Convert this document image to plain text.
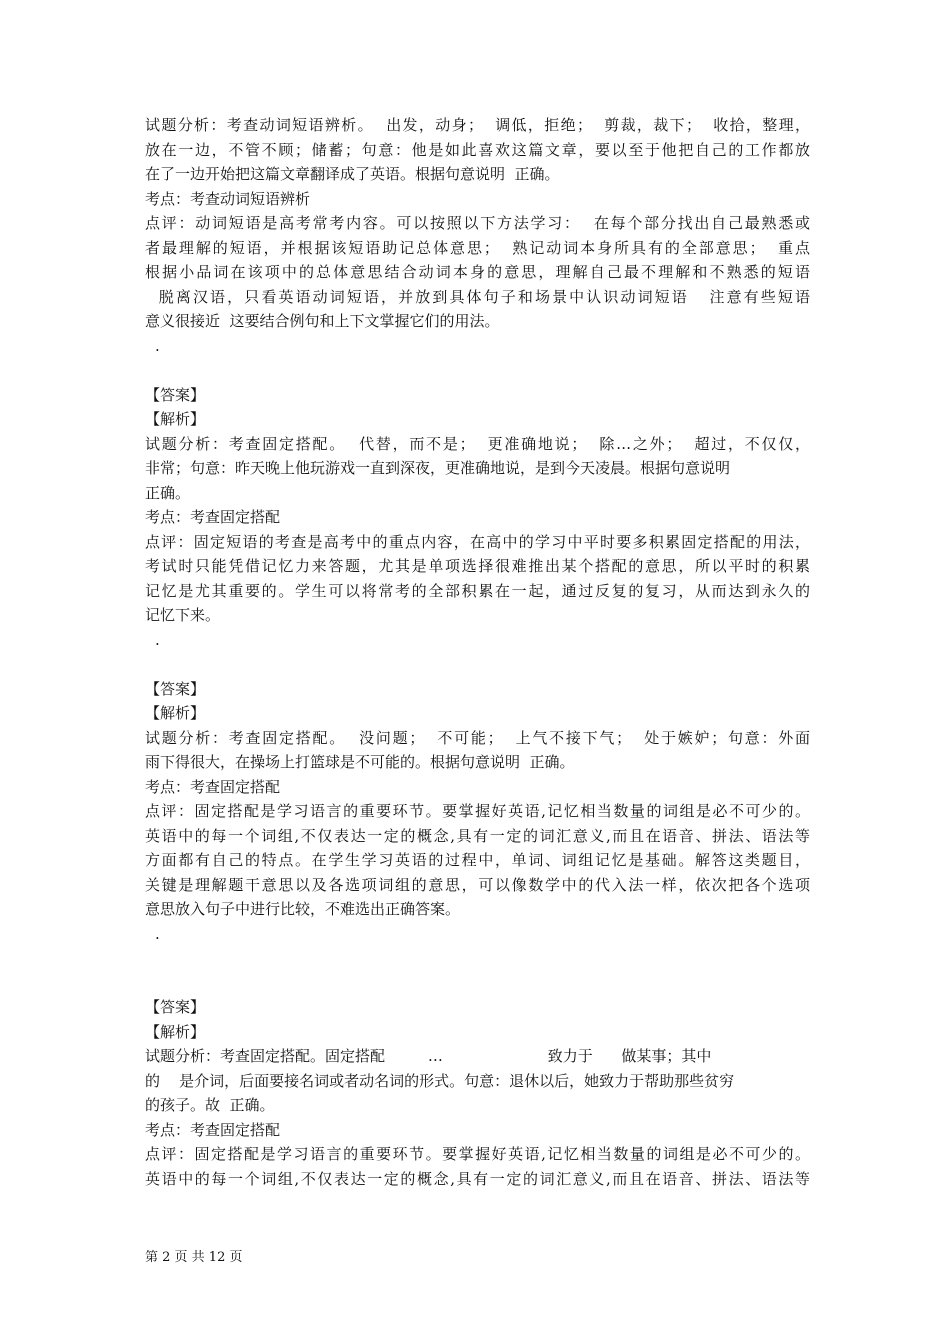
试题分析：考查动词短语辨析。  出发，动身；  调低，拒绝；  剪裁，裁下；  收拾，整理，
放在一边，不管不顾；储蓄；句意：他是如此喜欢这篇文章，要以至于他把自己的工作都放
在了一边开始把这篇文章翻译成了英语。根据句意说明  正确。
考点：考查动词短语辨析
点评：动词短语是高考常考内容。可以按照以下方法学习：  在每个部分找出自己最熟悉或
者最理解的短语，并根据该短语助记总体意思；  熟记动词本身所具有的全部意思；  重点
根据小品词在该项中的总体意思结合动词本身的意思，理解自己最不理解和不熟悉的短语
脱离汉语，只看英语动词短语，并放到具体句子和场景中认识动词短语   注意有些短语
意义很接近  这要结合例句和上下文掌握它们的用法。
.
【答案】
【解析】
试题分析：考查固定搭配。  代替，而不是；  更准确地说；  除…之外；  超过，不仅仅，
非常；句意：昨天晚上他玩游戏一直到深夜，更准确地说，是到今天凌晨。根据句意说明
正确。
考点：考查固定搭配
点评：固定短语的考查是高考中的重点内容，在高中的学习中平时要多积累固定搭配的用法，
考试时只能凭借记忆力来答题，尤其是单项选择很难推出某个搭配的意思，所以平时的积累
记忆是尤其重要的。学生可以将常考的全部积累在一起，通过反复的复习，从而达到永久的
记忆下来。
.
【答案】
【解析】
试题分析：考查固定搭配。  没问题；  不可能；  上气不接下气；  处于嫉妒；句意：外面
雨下得很大，在操场上打篮球是不可能的。根据句意说明  正确。
考点：考查固定搭配
点评：固定搭配是学习语言的重要环节。要掌握好英语,记忆相当数量的词组是必不可少的。
英语中的每一个词组,不仅表达一定的概念,具有一定的词汇意义,而且在语音、拼法、语法等
方面都有自己的特点。在学生学习英语的过程中，单词、词组记忆是基础。解答这类题目，
关键是理解题干意思以及各选项词组的意思，可以像数学中的代入法一样，依次把各个选项
意思放入句子中进行比较，不难选出正确答案。
.
【答案】
【解析】
试题分析：考查固定搭配。固定搭配         …                      致力于      做某事；其中
的    是介词，后面要接名词或者动名词的形式。句意：退休以后，她致力于帮助那些贫穷
的孩子。故  正确。
考点：考查固定搭配
点评：固定搭配是学习语言的重要环节。要掌握好英语,记忆相当数量的词组是必不可少的。
英语中的每一个词组,不仅表达一定的概念,具有一定的词汇意义,而且在语音、拼法、语法等
第 2 页 共 12 页
